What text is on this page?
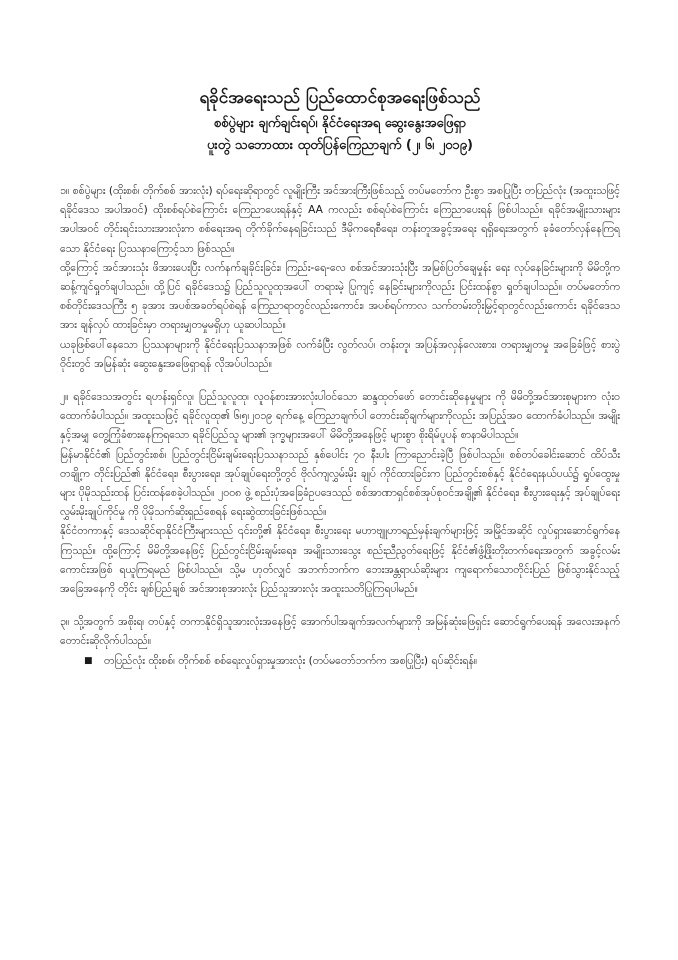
ရခိုင်အရေးသည် ပြည်ထောင်စုအရေးဖြစ်သည်

စစ်ပွဲများ ချက်ချင်းရပ်၊ နိုင်ငံရေးအရ ဆွေးနွေးအဖြေရှာ

ပူးတွဲ သဘောထား ထုတ်ပြန်ကြေညာချက် (၂၊ ၆၊ ၂၀၁၉)

၁။ စစ်ပွဲများ (ထိုးစစ်၊ တိုက်စစ် အားလုံး) ရပ်ရေးဆိုရာတွင် လူမျိုးကြီး အင်အားကြီးဖြစ်သည့် တပ်မတော်က ဦးစွာ အစပြုပြီး တပြည်လုံး (အထူးသဖြင့် ရခိုင်ဒေသ အပါအဝင်) ထိုးစစ်ရပ်စဲကြောင်း ကြေညာပေးရန်နှင့် AA ကလည်း စစ်ရပ်စဲကြောင်း ကြေညာပေးရန် ဖြစ်ပါသည်။ ရခိုင်အမျိုးသားများ အပါအဝင် တိုင်းရင်းသားအားလုံးက စစ်ရေးအရ တိုက်ခိုက်နေရခြင်းသည် ဒီမိုကရေစီရေး၊ တန်းတူအခွင့်အရေး ရရှိရေးအတွက် ခုခံတော်လှန်နေကြရသော နိုင်ငံရေး ပြဿနာကြောင့်သာ ဖြစ်သည်။

ထို့ကြောင့် အင်အားသုံး ဖိအားပေးပြီး လက်နက်ချခိုင်းခြင်း၊ ကြည်း-ရေ-လေ စစ်အင်အားသုံးပြီး အမြစ်ပြတ်ချေမှုန်း ရေး လုပ်နေခြင်းများကို မိမိတို့က ဆန့်ကျင်ရှုတ်ချပါသည်။ ထို့ပြင် ရခိုင်ဒေသ၌ ပြည်သူလူထုအပေါ် တရားမဲ့ ပြုကျင့် နေခြင်းများကိုလည်း ပြင်းထန်စွာ ရှုတ်ချပါသည်။ တပ်မတော်က စစ်တိုင်းဒေသကြီး ၅ ခုအား အပစ်အခတ်ရပ်စဲရန် ကြေညာရာတွင်လည်းကောင်း၊ အပစ်ရပ်ကာလ သက်တမ်းတိုးမြှင့်ရာတွင်လည်းကောင်း ရခိုင်ဒေသအား ချန်လှပ် ထားခြင်းမှာ တရားမျှတမှုမရှိဟု ယူဆပါသည်။

ယခုဖြစ်ပေါ်နေသော ပြဿနာများကို နိုင်ငံရေးပြဿနာအဖြစ် လက်ခံပြီး လွတ်လပ်၊ တန်းတူ၊ အပြန်အလှန်လေးစား၊ တရားမျှတမှု အခြေခံဖြင့် စားပွဲဝိုင်းတွင် အမြန်ဆုံး ဆွေးနွေးအဖြေရှာရန် လိုအပ်ပါသည်။

၂။ ရခိုင်ဒေသအတွင်း ရပာန်းရှင်လူ၊ ပြည်သူလူထု၊ လူဝန်စားအားလုံးပါဝင်သော ဆန္ဒထုတ်ဖော် တောင်းဆိုနေမှုများ ကို မိမိတို့အင်အားစုများက လုံးဝ ထောက်ခံပါသည်။ အထူးသဖြင့် ရခိုင်လူထု၏ ၆၊၅၊၂၀၁၉ ရက်နေ့ ကြေညာချက်ပါ တောင်းဆိုချက်များကိုလည်း အပြည့်အဝ ထောက်ခံပါသည်။ အမျိုးနှင့်အမျှ တွေ့ကြုံခံစားနေကြရသော ရခိုင်ပြည်သူ များ၏ ဒုက္ခများအပေါ် မိမိတို့အနေဖြင့် များစွာ စိုးရိမ်ပူပန် စာနာမိပါသည်။

မြန်မာနိုင်ငံ၏ ပြည်တွင်းစစ်၊ ပြည်တွင်းငြိမ်းချမ်းရေးပြဿနာသည် နှစ်ပေါင်း ၇၀ နီးပါး ကြာညောင်းခဲ့ပြီ ဖြစ်ပါသည်။ စစ်တပ်ခေါင်းဆောင် ထိပ်သီးတချို့က တိုင်းပြည်၏ နိုင်ငံရေး၊ စီးပွားရေး၊ အုပ်ချုပ်ရေးတို့တွင် ဗိုလ်ကျလွှမ်းမိုး ချုပ် ကိုင်ထားခြင်းက ပြည်တွင်းစစ်နှင့် နိုင်ငံရေးနယ်ပယ်၌ ရှုပ်ထွေးမှုများ ပိုမိုသည်းထန် ပြင်းထန်စေခဲ့ပါသည်။ ၂၀၀၈ ဖွဲ့ စည်းပုံအခြေခံဥပဒေသည် စစ်အာဏာရှင်စစ်အုပ်စုဝင်အချို့၏ နိုင်ငံရေး၊ စီးပွားရေးနှင့် အုပ်ချုပ်ရေး လွှမ်းမိုးချုပ်ကိုင်မှု ကို ပိုမိုသက်ဆိုးရှည်စေရန် ရေးဆွဲထားခြင်းဖြစ်သည်။

နိုင်ငံတကာနှင့် ဒေသဆိုင်ရာနိုင်ငံကြီးများသည် ၎င်းတို့၏ နိုင်ငံရေး၊ စီးပွားရေး မဟာဗျူဟာရည်မှန်းချက်များဖြင့် အမြိုင်အဆိုင် လှုပ်ရှားဆောင်ရွက်နေကြသည်။ ထို့ကြောင့် မိမိတို့အနေဖြင့် ပြည်တွင်းငြိမ်းချမ်းရေး၊ အမျိုးသားသွေး စည်းညီညွတ်ရေးဖြင့် နိုင်ငံ၏ဖွံ့ဖြိုးတိုးတက်ရေးအတွက် အခွင့်လမ်းကောင်းအဖြစ် ရယူကြရမည် ဖြစ်ပါသည်။ သို့မ ဟုတ်လျှင် အဘက်ဘက်က ဘေးအန္တရာယ်ဆိုးများ ကျရောက်သောတိုင်းပြည် ဖြစ်သွားနိုင်သည့်အခြေအနေကို တိုင်း ချစ်ပြည်ချစ် အင်အားစုအားလုံး ပြည်သူအားလုံး အထူးသတိပြုကြရပါမည်။

၃။ သို့အတွက် အစိုးရ၊ တပ်နှင့် တကာနိုင်ရှိသူအားလုံးအနေဖြင့် အောက်ပါအချက်အလက်များကို အမြန်ဆုံးဖြေရှင်း ဆောင်ရွက်ပေးရန် အလေးအနက် တောင်းဆိုလိုက်ပါသည်။

■	တပြည်လုံး ထိုးစစ်၊ တိုက်စစ် စစ်ရေးလှုပ်ရှားမှုအားလုံး (တပ်မတော်ဘက်က အစပြုပြီး) ရပ်ဆိုင်းရန်။
